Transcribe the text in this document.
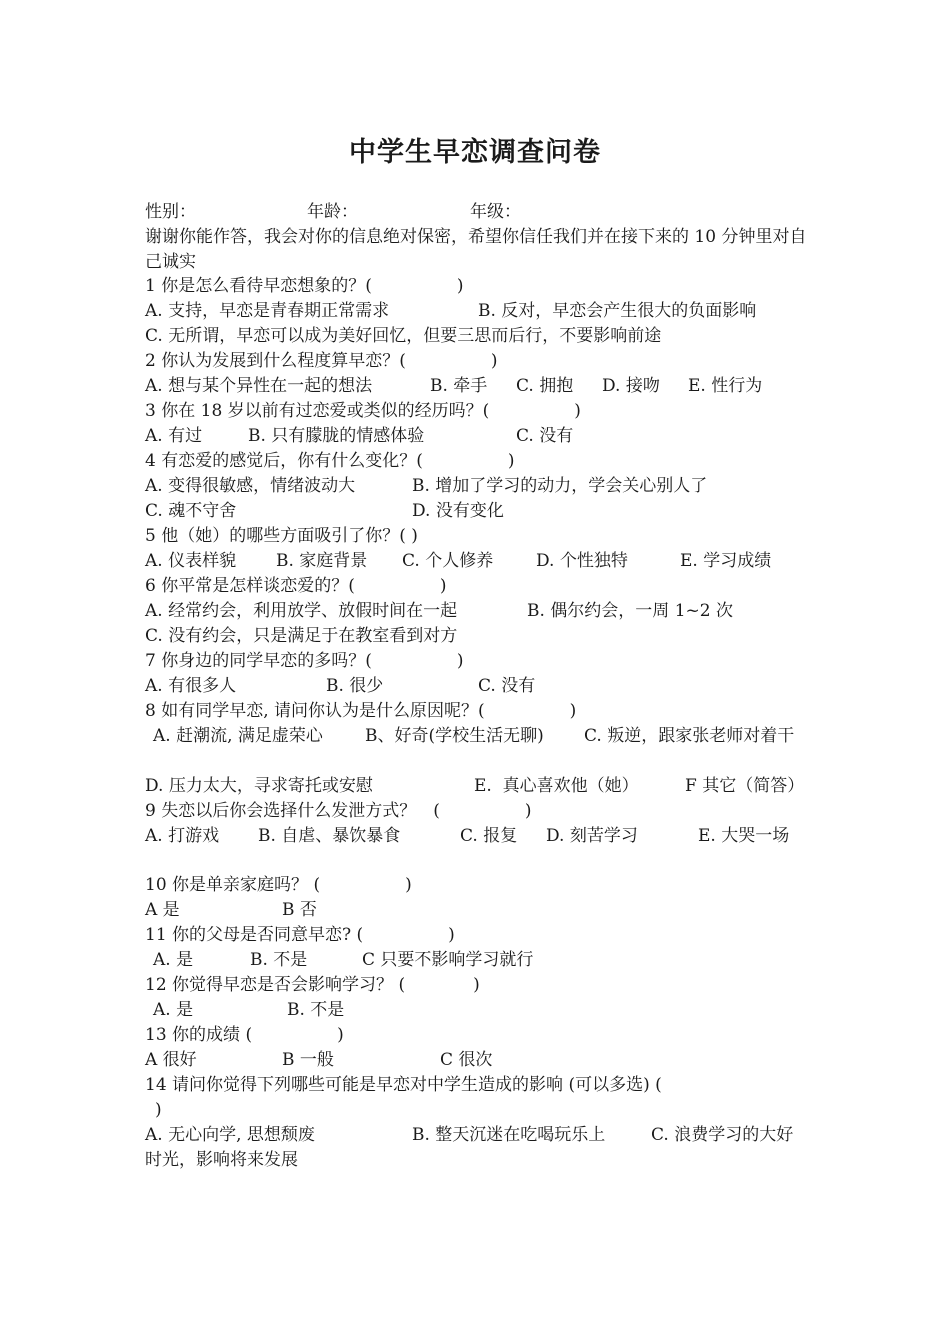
中学生早恋调查问卷
性别：	年龄：	年级：
谢谢你能作答，我会对你的信息绝对保密，希望你信任我们并在接下来的 10 分钟里对自己诚实
1 你是怎么看待早恋想象的？(　　　　　)
A. 支持，早恋是青春期正常需求	B. 反对，早恋会产生很大的负面影响
C. 无所谓，早恋可以成为美好回忆，但要三思而后行，不要影响前途
2 你认为发展到什么程度算早恋？(　　　　　)
A. 想与某个异性在一起的想法	B. 牵手 C. 拥抱 D. 接吻 E. 性行为
3 你在 18 岁以前有过恋爱或类似的经历吗？(　　　　　)
A. 有过	B. 只有朦胧的情感体验	C. 没有
4 有恋爱的感觉后，你有什么变化？(　　　　　)
A. 变得很敏感，情绪波动大	B. 增加了学习的动力，学会关心别人了
C. 魂不守舍	D. 没有变化
5 他（她）的哪些方面吸引了你？( )
A. 仪表样貌 B. 家庭背景 C. 个人修养	D. 个性独特	E. 学习成绩
6 你平常是怎样谈恋爱的？(　　　　　)
A. 经常约会，利用放学、放假时间在一起	B. 偶尔约会，一周 1~2 次
C. 没有约会，只是满足于在教室看到对方
7 你身边的同学早恋的多吗？(　　　　　)
A. 有很多人	B. 很少	C. 没有
8 如有同学早恋, 请问你认为是什么原因呢？(　　　　　)
A. 赶潮流, 满足虚荣心 B、好奇(学校生活无聊) C. 叛逆，跟家张老师对着干
D. 压力太大，寻求寄托或安慰	E.  真心喜欢他（她）	F 其它（简答）
9 失恋以后你会选择什么发泄方式？　(　　　　　)
A. 打游戏 B. 自虐、暴饮暴食	C. 报复 D. 刻苦学习	E. 大哭一场
10 你是单亲家庭吗？ (　　　　　)
A 是	B 否
11 你的父母是否同意早恋? (　　　　　)
A. 是	B. 不是	C 只要不影响学习就行
12 你觉得早恋是否会影响学习？ (　　　　)
A. 是	B. 不是
13 你的成绩 (　　　　　)
A 很好	B 一般	C 很次
14 请问你觉得下列哪些可能是早恋对中学生造成的影响 (可以多选) (
)
A. 无心向学, 思想颓废	B. 整天沉迷在吃喝玩乐上	C. 浪费学习的大好时光，影响将来发展
